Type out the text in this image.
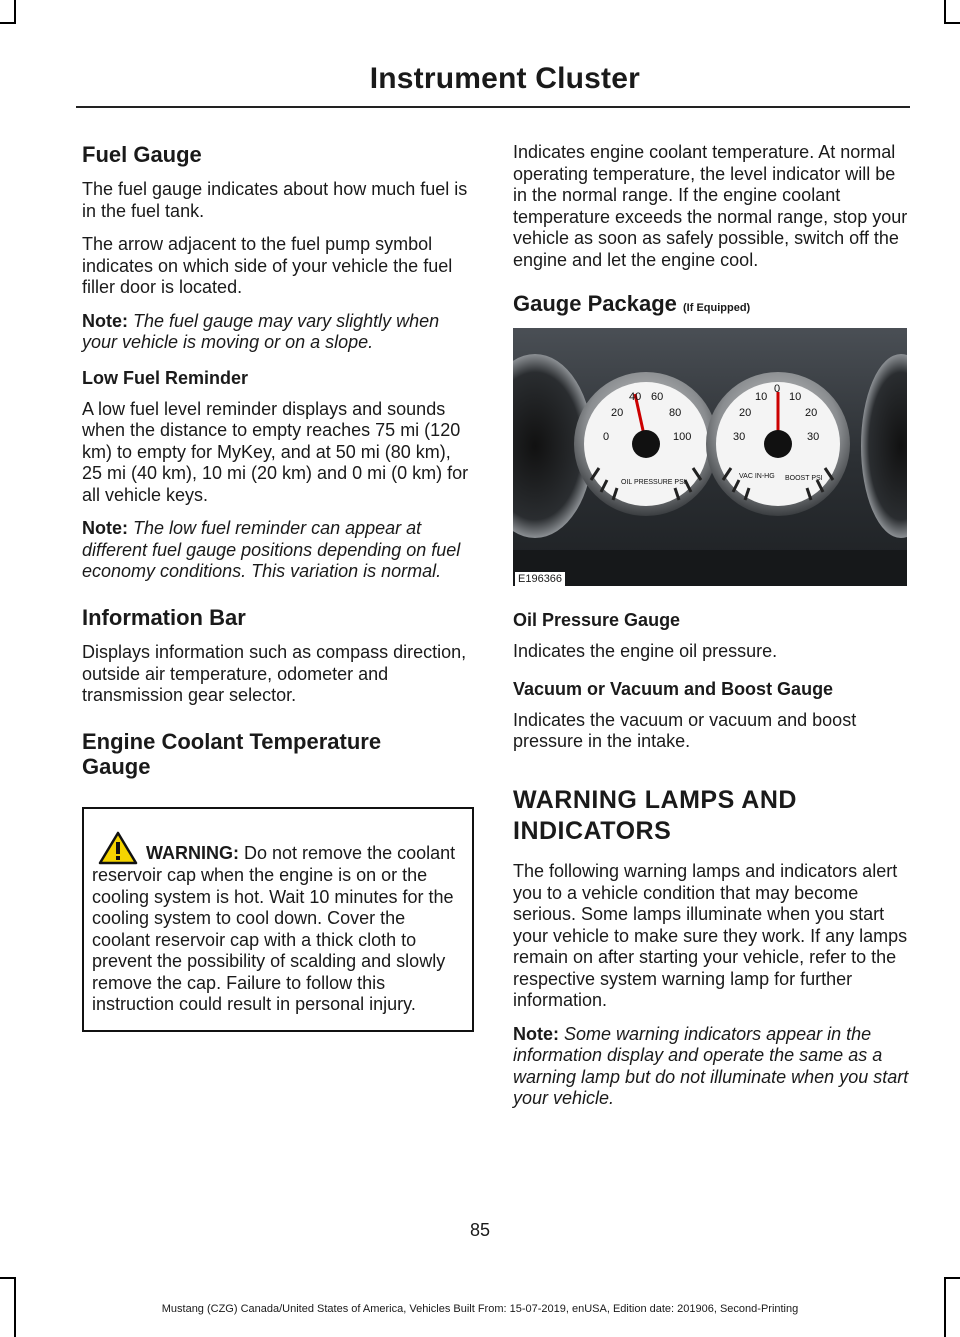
Instrument Cluster
Fuel Gauge

The fuel gauge indicates about how much fuel is in the fuel tank.

The arrow adjacent to the fuel pump symbol indicates on which side of your vehicle the fuel filler door is located.

Note: The fuel gauge may vary slightly when your vehicle is moving or on a slope.

Low Fuel Reminder

A low fuel level reminder displays and sounds when the distance to empty reaches 75 mi (120 km) to empty for MyKey, and at 50 mi (80 km), 25 mi (40 km), 10 mi (20 km) and 0 mi (0 km) for all vehicle keys.

Note: The low fuel reminder can appear at different fuel gauge positions depending on fuel economy conditions. This variation is normal.

Information Bar

Displays information such as compass direction, outside air temperature, odometer and transmission gear selector.

Engine Coolant Temperature Gauge
WARNING: Do not remove the coolant reservoir cap when the engine is on or the cooling system is hot. Wait 10 minutes for the cooling system to cool down. Cover the coolant reservoir cap with a thick cloth to prevent the possibility of scalding and slowly remove the cap. Failure to follow this instruction could result in personal injury.

Indicates engine coolant temperature. At normal operating temperature, the level indicator will be in the normal range. If the engine coolant temperature exceeds the normal range, stop your vehicle as soon as safely possible, switch off the engine and let the engine cool.

Gauge Package (If Equipped)
0
20
40 60
80
100
OIL PRESSURE PSI
30
20
10
0
10
20
30
VAC IN-HG BOOST PSI
E196366
Oil Pressure Gauge

Indicates the engine oil pressure.

Vacuum or Vacuum and Boost Gauge

Indicates the vacuum or vacuum and boost pressure in the intake.

WARNING LAMPS AND
INDICATORS

The following warning lamps and indicators alert you to a vehicle condition that may become serious. Some lamps illuminate when you start your vehicle to make sure they work. If any lamps remain on after starting your vehicle, refer to the respective system warning lamp for further information.

Note: Some warning indicators appear in the information display and operate the same as a warning lamp but do not illuminate when you start your vehicle.

85
Mustang (CZG) Canada/United States of America, Vehicles Built From: 15-07-2019, enUSA, Edition date: 201906, Second-Printing
